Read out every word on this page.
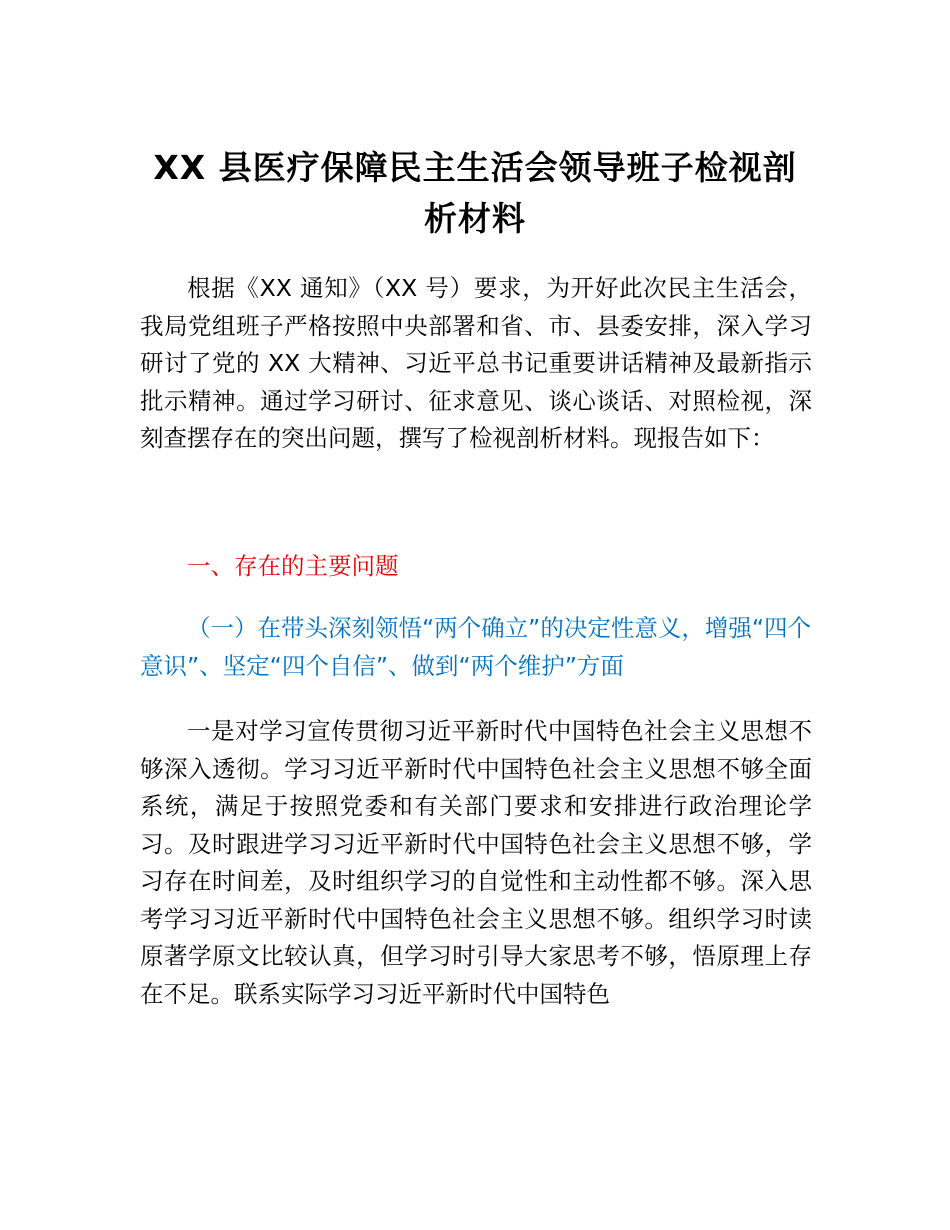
XX 县医疗保障民主生活会领导班子检视剖析材料

根据《XX 通知》（XX 号）要求，为开好此次民主生活会，我局党组班子严格按照中央部署和省、市、县委安排，深入学习研讨了党的 XX 大精神、习近平总书记重要讲话精神及最新指示批示精神。通过学习研讨、征求意见、谈心谈话、对照检视，深刻查摆存在的突出问题，撰写了检视剖析材料。现报告如下：

一、存在的主要问题

（一）在带头深刻领悟“两个确立”的决定性意义，增强“四个意识”、坚定“四个自信”、做到“两个维护”方面

一是对学习宣传贯彻习近平新时代中国特色社会主义思想不够深入透彻。学习习近平新时代中国特色社会主义思想不够全面系统，满足于按照党委和有关部门要求和安排进行政治理论学习。及时跟进学习习近平新时代中国特色社会主义思想不够，学习存在时间差，及时组织学习的自觉性和主动性都不够。深入思考学习习近平新时代中国特色社会主义思想不够。组织学习时读原著学原文比较认真，但学习时引导大家思考不够，悟原理上存在不足。联系实际学习习近平新时代中国特色
